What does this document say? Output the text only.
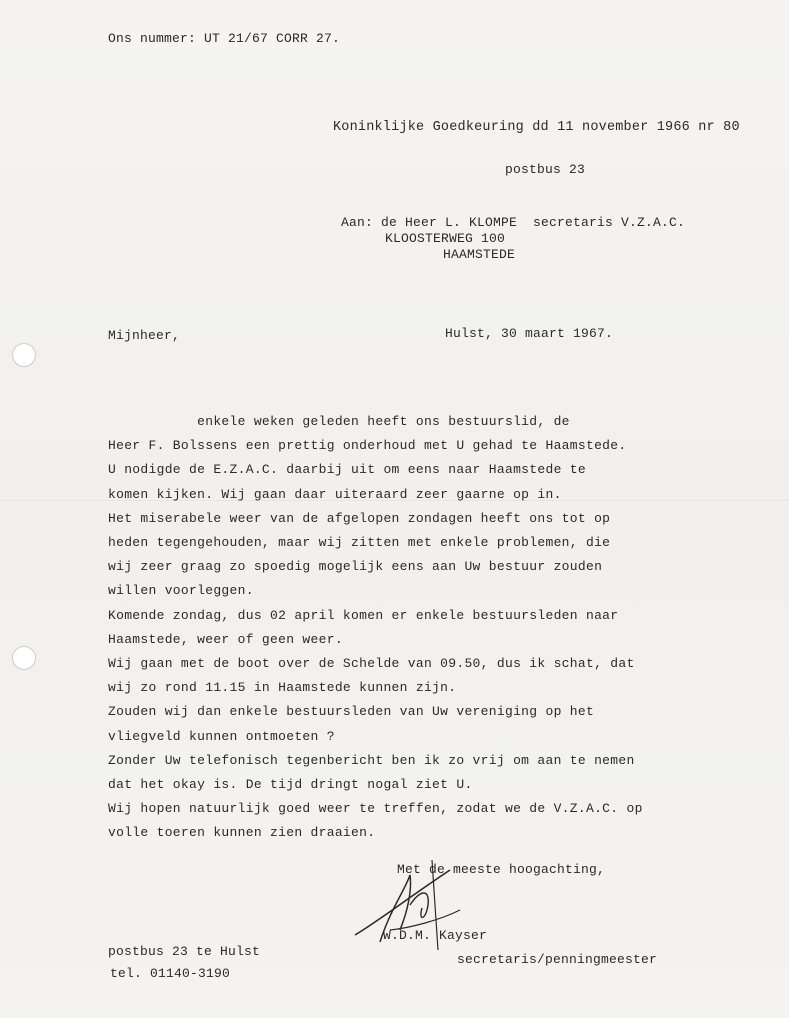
Ons nummer: UT 21/67 CORR 27.
Koninklijke Goedkeuring dd 11 november 1966 nr 80
postbus 23
Aan: de Heer L. KLOMPE  secretaris V.Z.A.C.
KLOOSTERWEG 100
HAAMSTEDE
Mijnheer,	Hulst, 30 maart 1967.
enkele weken geleden heeft ons bestuurslid, de
Heer F. Bolssens een prettig onderhoud met U gehad te Haamstede.
U nodigde de E.Z.A.C. daarbij uit om eens naar Haamstede te
komen kijken. Wij gaan daar uiteraard zeer gaarne op in.
Het miserabele weer van de afgelopen zondagen heeft ons tot op
heden tegengehouden, maar wij zitten met enkele problemen, die
wij zeer graag zo spoedig mogelijk eens aan Uw bestuur zouden
willen voorleggen.
Komende zondag, dus 02 april komen er enkele bestuursleden naar
Haamstede, weer of geen weer.
Wij gaan met de boot over de Schelde van 09.50, dus ik schat, dat
wij zo rond 11.15 in Haamstede kunnen zijn.
Zouden wij dan enkele bestuursleden van Uw vereniging op het
vliegveld kunnen ontmoeten ?
Zonder Uw telefonisch tegenbericht ben ik zo vrij om aan te nemen
dat het okay is. De tijd dringt nogal ziet U.
Wij hopen natuurlijk goed weer te treffen, zodat we de V.Z.A.C. op
volle toeren kunnen zien draaien.
Met de meeste hoogachting,
W.D.M. Kayser
secretaris/penningmeester
postbus 23 te Hulst
tel. 01140-3190
